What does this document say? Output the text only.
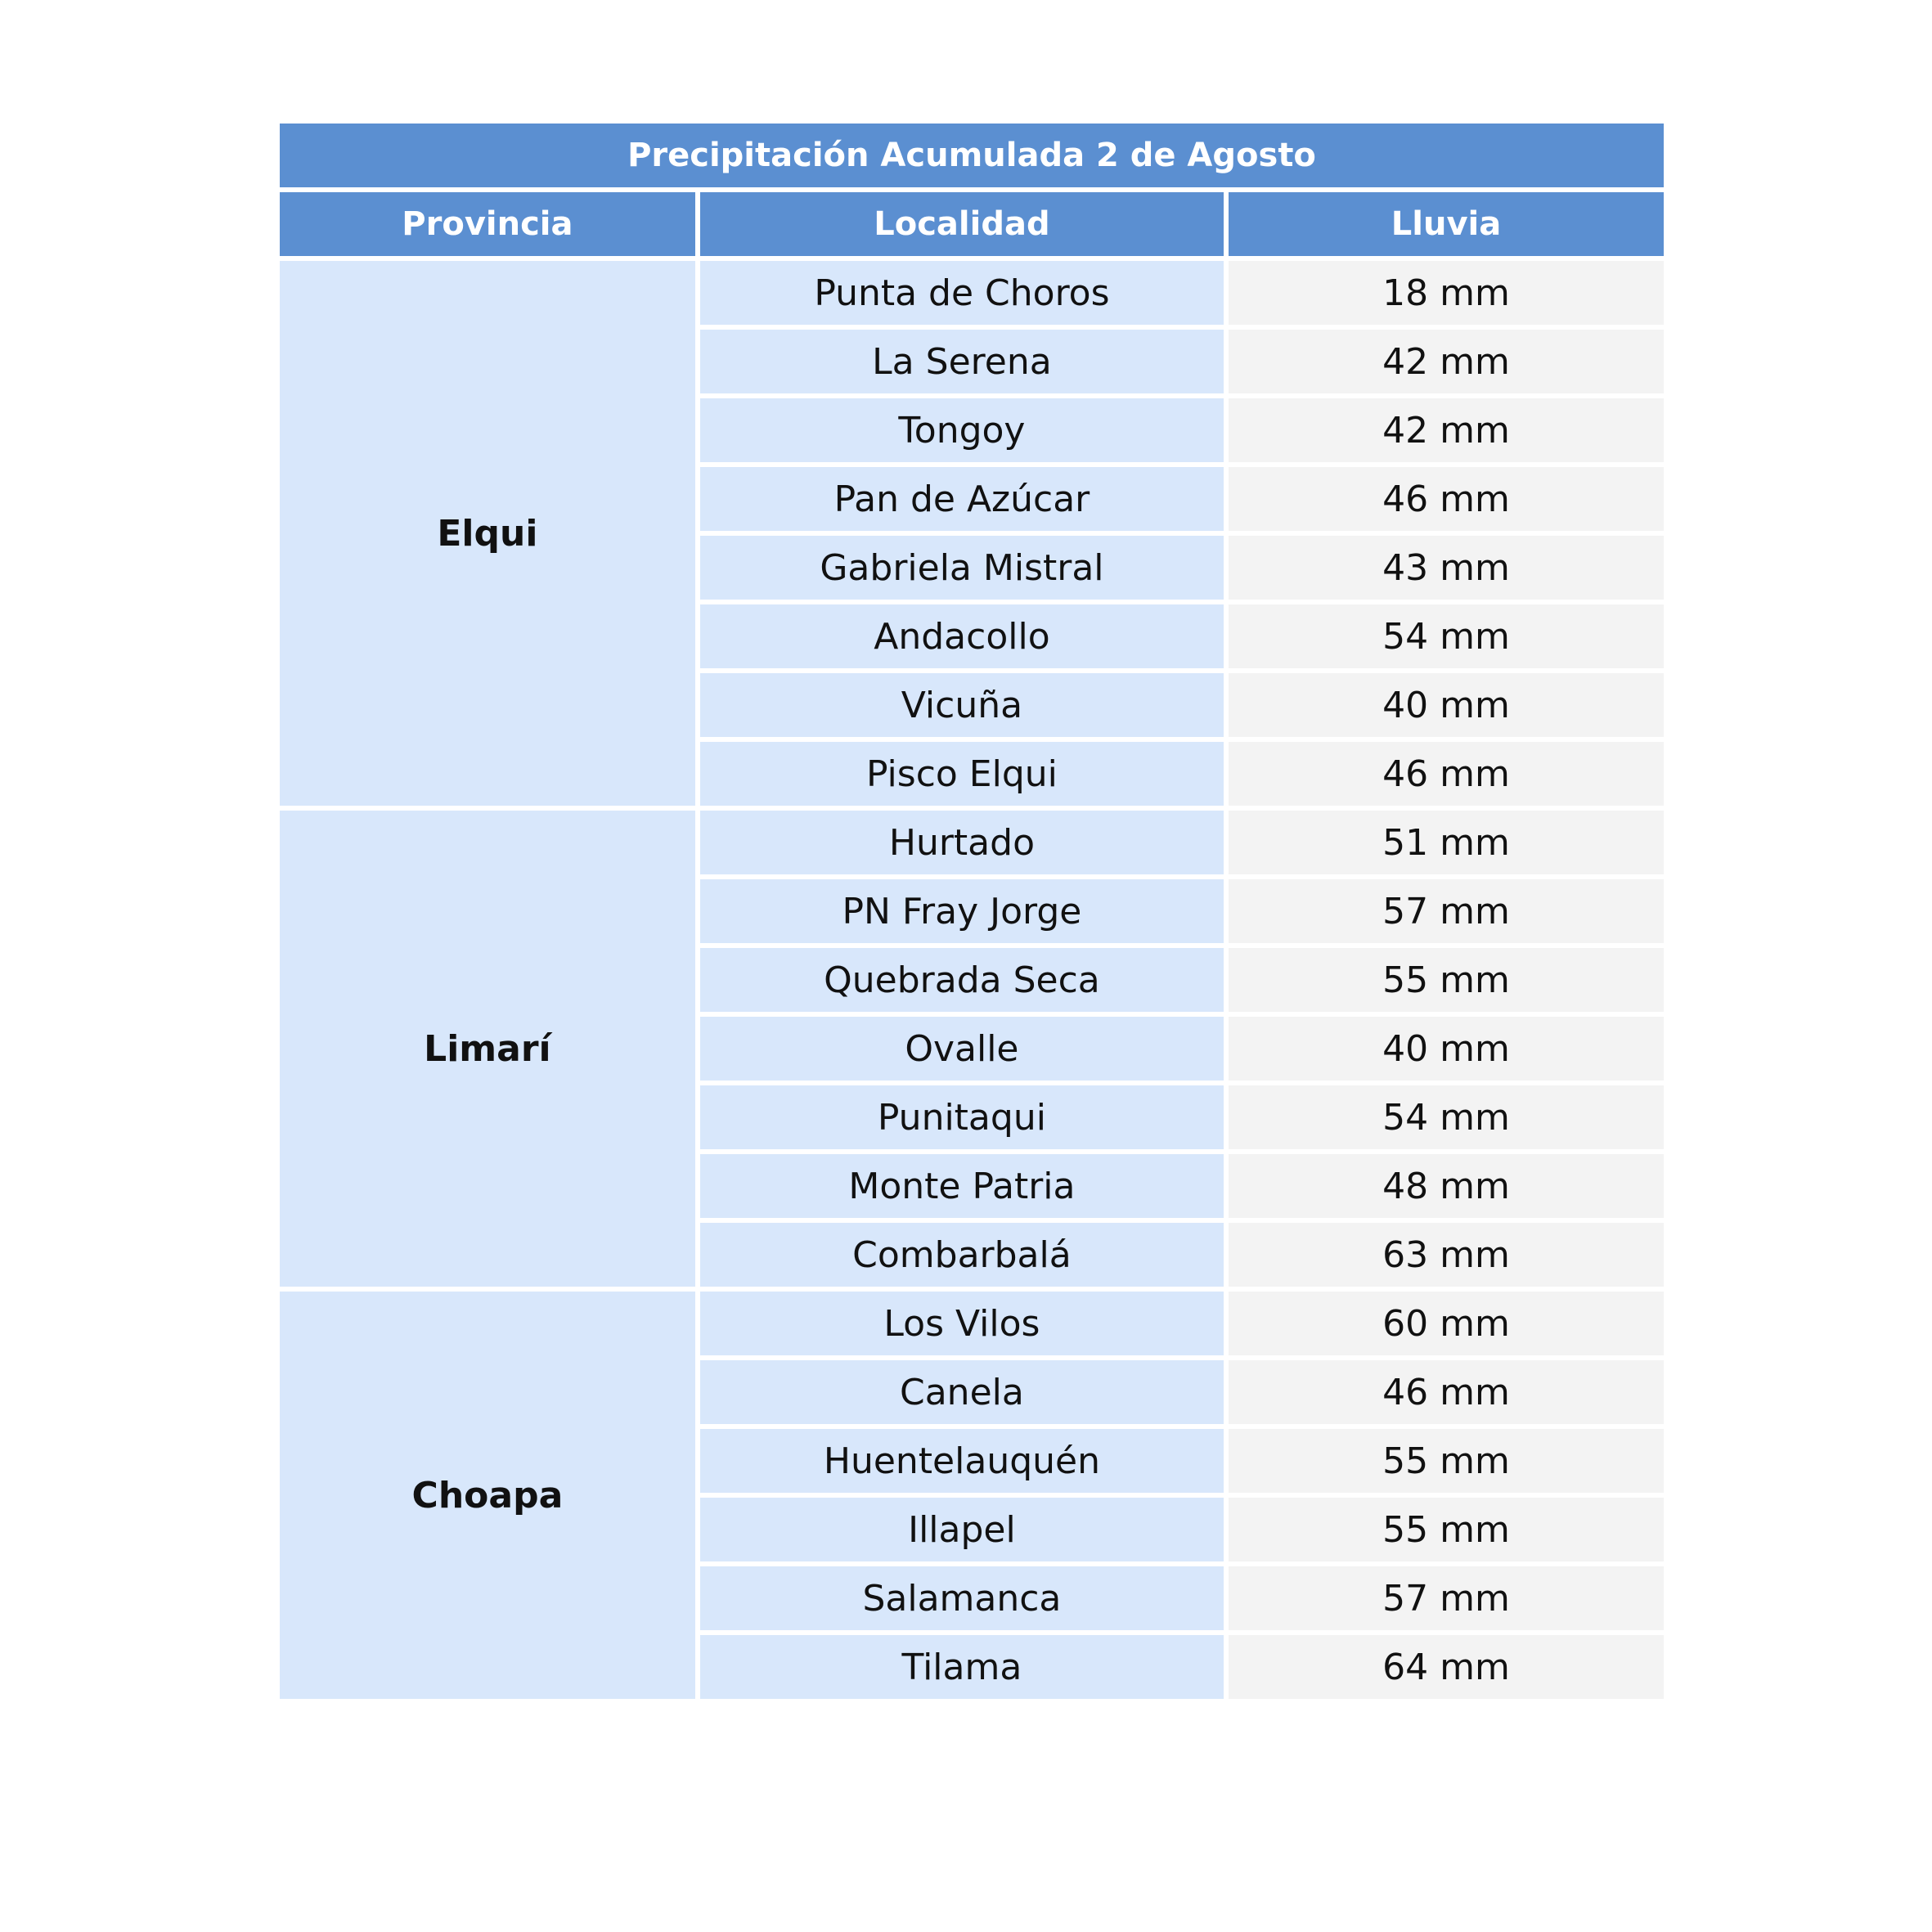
Precipitación Acumulada 2 de Agosto		
Provincia	Localidad	Lluvia
Elqui	Punta de Choros	18 mm
	La Serena	42 mm
	Tongoy	42 mm
	Pan de Azúcar	46 mm
	Gabriela Mistral	43 mm
	Andacollo	54 mm
	Vicuña	40 mm
	Pisco Elqui	46 mm
Limarí	Hurtado	51 mm
	PN Fray Jorge	57 mm
	Quebrada Seca	55 mm
	Ovalle	40 mm
	Punitaqui	54 mm
	Monte Patria	48 mm
	Combarbalá	63 mm
Choapa	Los Vilos	60 mm
	Canela	46 mm
	Huentelauquén	55 mm
	Illapel	55 mm
	Salamanca	57 mm
	Tilama	64 mm
